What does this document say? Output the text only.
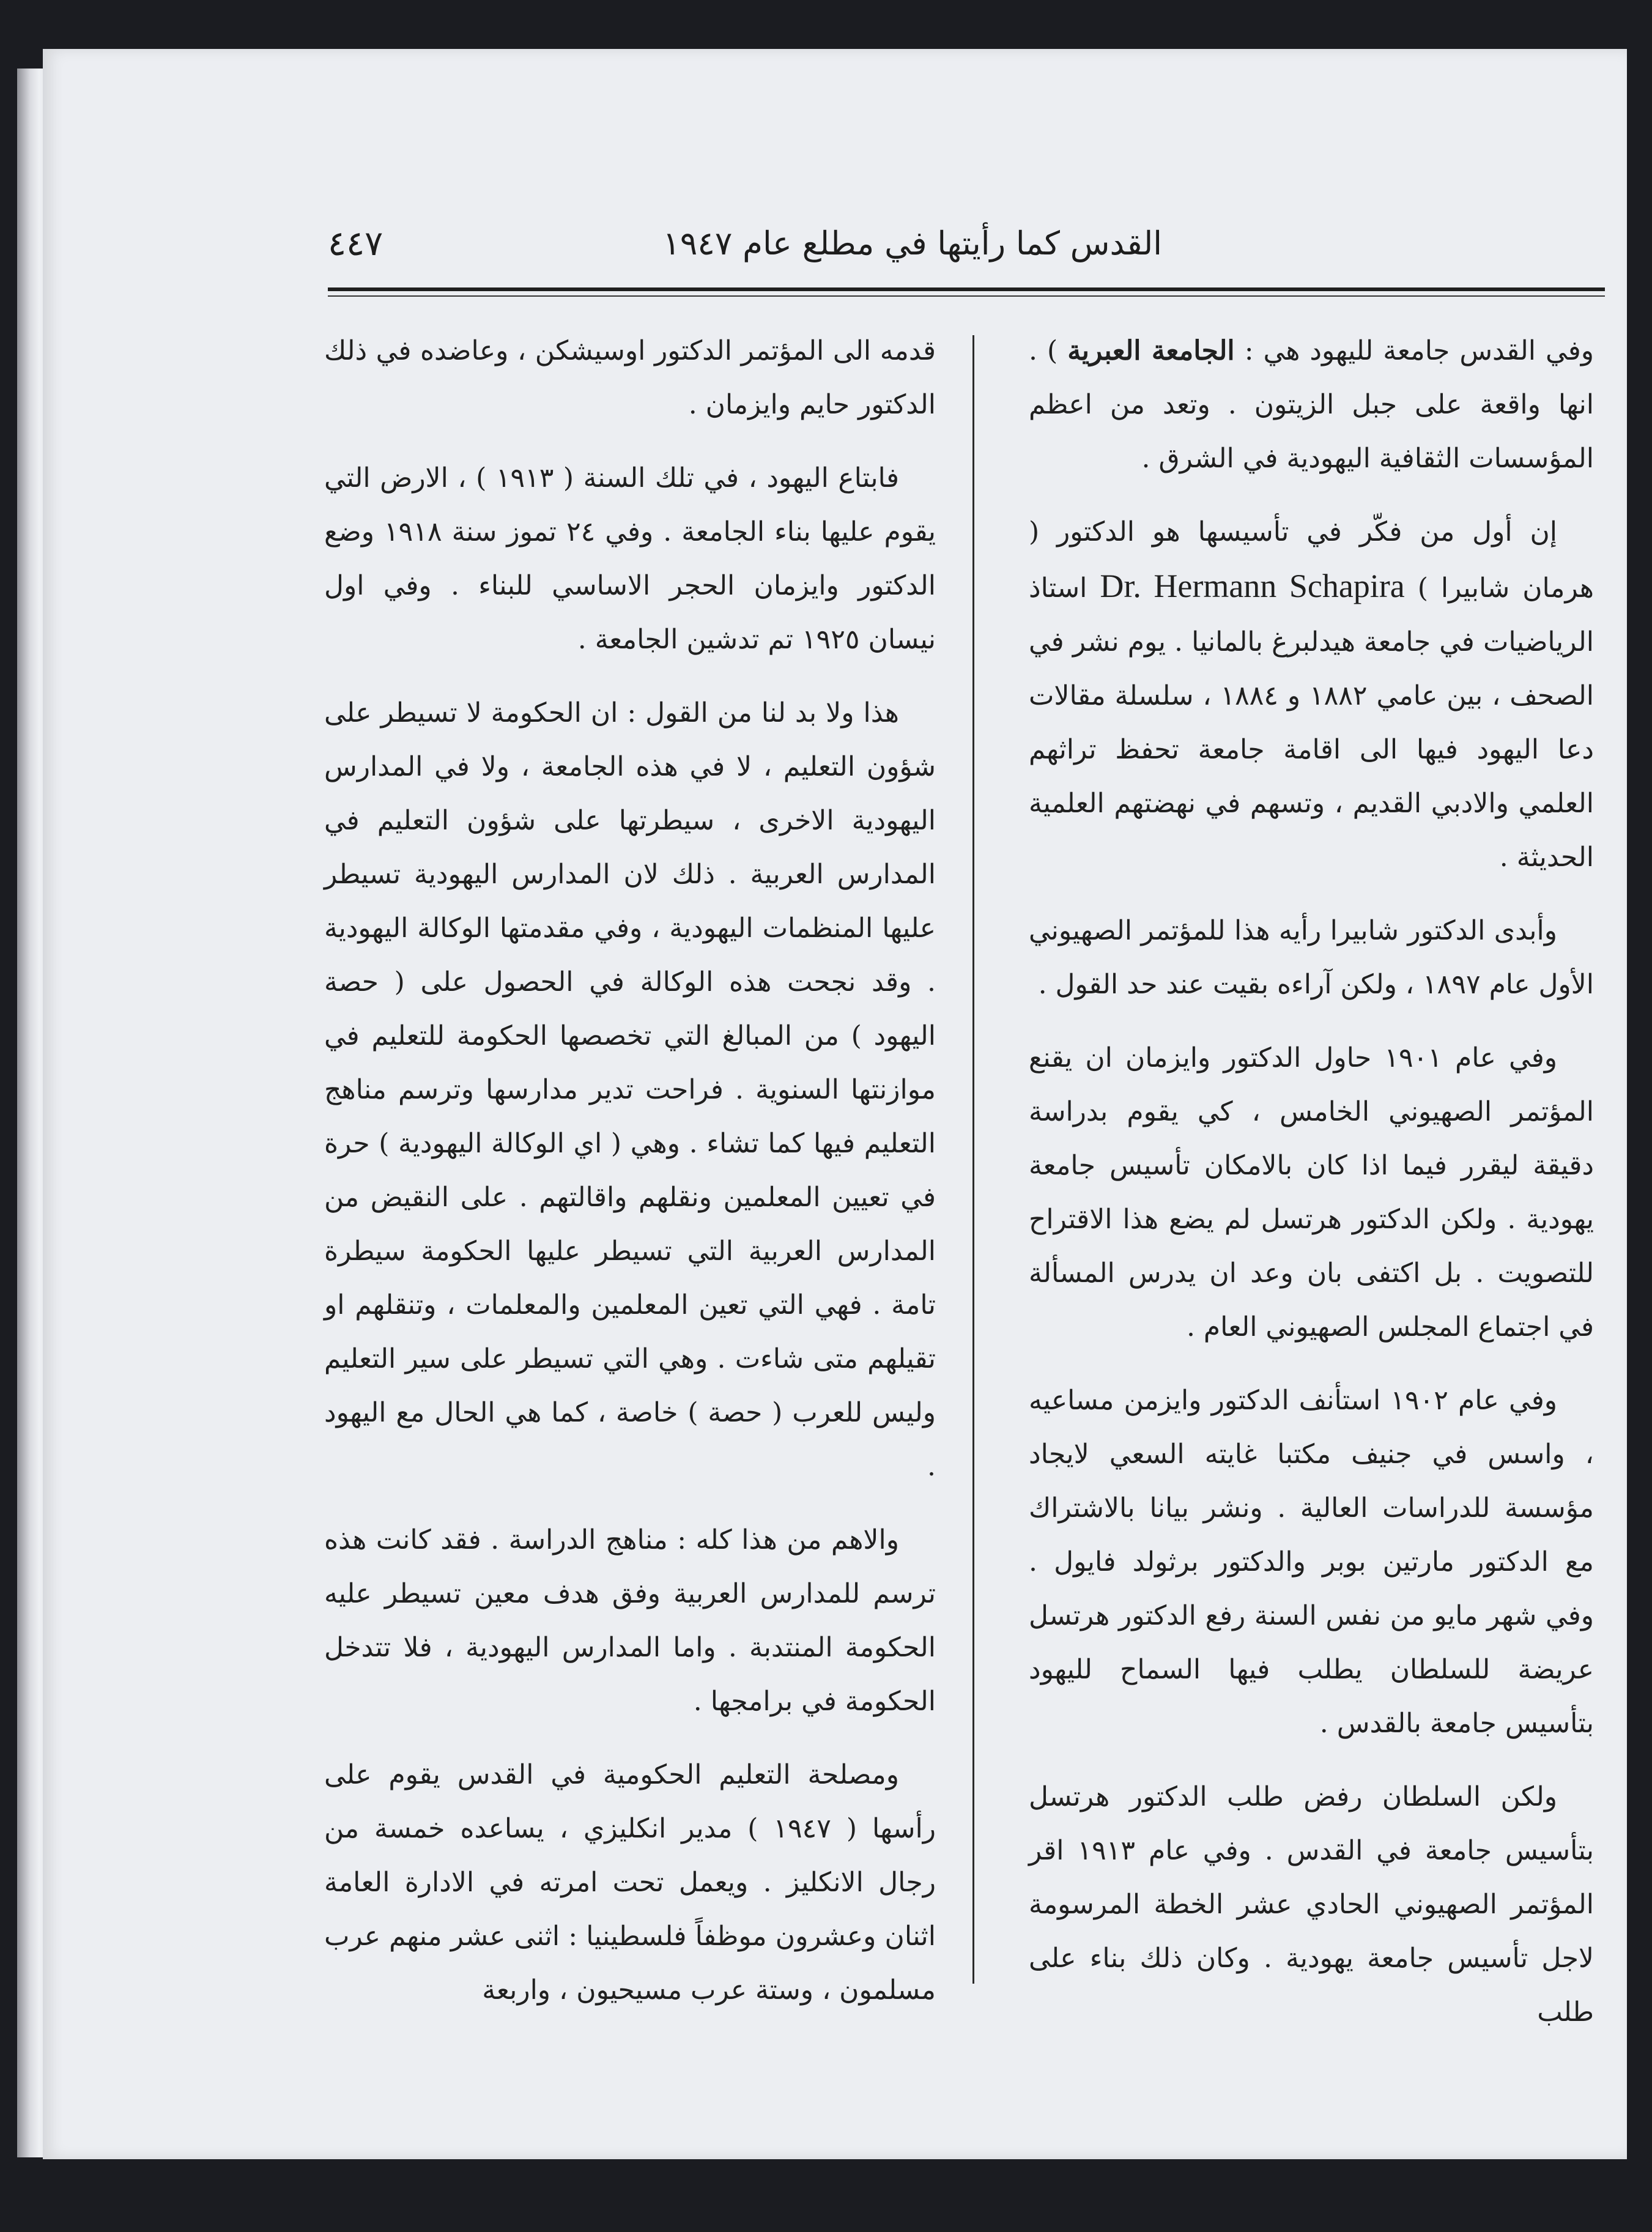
القدس كما رأيتها في مطلع عام ١٩٤٧
٤٤٧

وفي القدس جامعة لليهود هي : الجامعة العبرية ) . انها واقعة على جبل الزيتون . وتعد من اعظم المؤسسات الثقافية اليهودية في الشرق .

إن أول من فكّر في تأسيسها هو الدكتور ( هرمان شابيرا ) Dr. Hermann Schapira استاذ الرياضيات في جامعة هيدلبرغ بالمانيا . يوم نشر في الصحف ، بين عامي ١٨٨٢ و ١٨٨٤ ، سلسلة مقالات دعا اليهود فيها الى اقامة جامعة تحفظ تراثهم العلمي والادبي القديم ، وتسهم في نهضتهم العلمية الحديثة .

وأبدى الدكتور شابيرا رأيه هذا للمؤتمر الصهيوني الأول عام ١٨٩٧ ، ولكن آراءه بقيت عند حد القول .

وفي عام ١٩٠١ حاول الدكتور وايزمان ان يقنع المؤتمر الصهيوني الخامس ، كي يقوم بدراسة دقيقة ليقرر فيما اذا كان بالامكان تأسيس جامعة يهودية . ولكن الدكتور هرتسل لم يضع هذا الاقتراح للتصويت . بل اكتفى بان وعد ان يدرس المسألة في اجتماع المجلس الصهيوني العام .

وفي عام ١٩٠٢ استأنف الدكتور وايزمن مساعيه ، واسس في جنيف مكتبا غايته السعي لايجاد مؤسسة للدراسات العالية . ونشر بيانا بالاشتراك مع الدكتور مارتين بوبر والدكتور برثولد فايول . وفي شهر مايو من نفس السنة رفع الدكتور هرتسل عريضة للسلطان يطلب فيها السماح لليهود بتأسيس جامعة بالقدس .

ولكن السلطان رفض طلب الدكتور هرتسل بتأسيس جامعة في القدس . وفي عام ١٩١٣ اقر المؤتمر الصهيوني الحادي عشر الخطة المرسومة لاجل تأسيس جامعة يهودية . وكان ذلك بناء على طلب

قدمه الى المؤتمر الدكتور اوسيشكن ، وعاضده في ذلك الدكتور حايم وايزمان .

فابتاع اليهود ، في تلك السنة ( ١٩١٣ ) ، الارض التي يقوم عليها بناء الجامعة . وفي ٢٤ تموز سنة ١٩١٨ وضع الدكتور وايزمان الحجر الاساسي للبناء . وفي اول نيسان ١٩٢٥ تم تدشين الجامعة .

هذا ولا بد لنا من القول : ان الحكومة لا تسيطر على شؤون التعليم ، لا في هذه الجامعة ، ولا في المدارس اليهودية الاخرى ، سيطرتها على شؤون التعليم في المدارس العربية . ذلك لان المدارس اليهودية تسيطر عليها المنظمات اليهودية ، وفي مقدمتها الوكالة اليهودية . وقد نجحت هذه الوكالة في الحصول على ( حصة اليهود ) من المبالغ التي تخصصها الحكومة للتعليم في موازنتها السنوية . فراحت تدير مدارسها وترسم مناهج التعليم فيها كما تشاء . وهي ( اي الوكالة اليهودية ) حرة في تعيين المعلمين ونقلهم واقالتهم . على النقيض من المدارس العربية التي تسيطر عليها الحكومة سيطرة تامة . فهي التي تعين المعلمين والمعلمات ، وتنقلهم او تقيلهم متى شاءت . وهي التي تسيطر على سير التعليم وليس للعرب ( حصة ) خاصة ، كما هي الحال مع اليهود .

والاهم من هذا كله : مناهج الدراسة . فقد كانت هذه ترسم للمدارس العربية وفق هدف معين تسيطر عليه الحكومة المنتدبة . واما المدارس اليهودية ، فلا تتدخل الحكومة في برامجها .

ومصلحة التعليم الحكومية في القدس يقوم على رأسها ( ١٩٤٧ ) مدير انكليزي ، يساعده خمسة من رجال الانكليز . ويعمل تحت امرته في الادارة العامة اثنان وعشرون موظفاً فلسطينيا : اثنى عشر منهم عرب مسلمون ، وستة عرب مسيحيون ، واربعة
